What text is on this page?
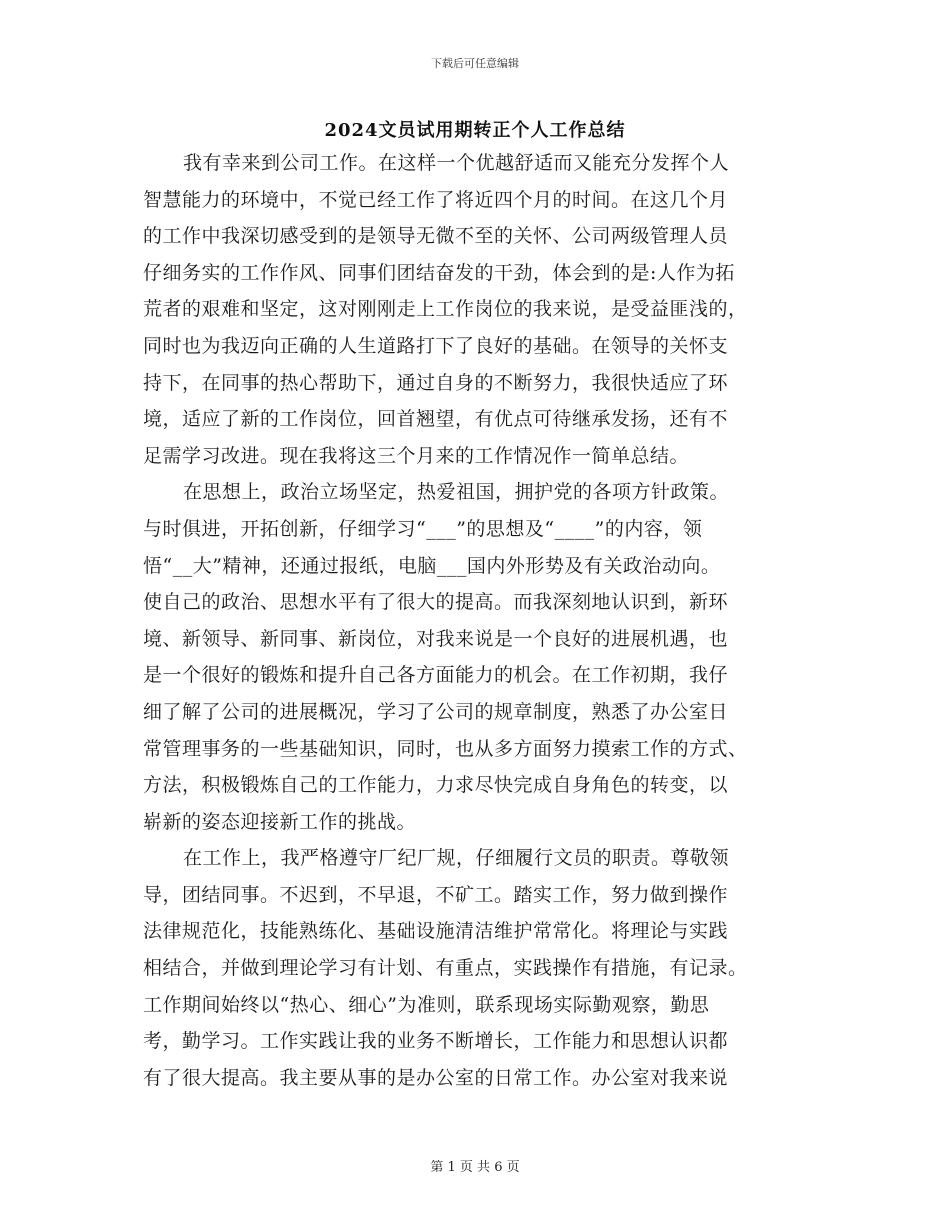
下载后可任意编辑
2024文员试用期转正个人工作总结
我有幸来到公司工作。在这样一个优越舒适而又能充分发挥个人
智慧能力的环境中，不觉已经工作了将近四个月的时间。在这几个月
的工作中我深切感受到的是领导无微不至的关怀、公司两级管理人员
仔细务实的工作作风、同事们团结奋发的干劲，体会到的是:人作为拓
荒者的艰难和坚定，这对刚刚走上工作岗位的我来说，是受益匪浅的，
同时也为我迈向正确的人生道路打下了良好的基础。在领导的关怀支
持下，在同事的热心帮助下，通过自身的不断努力，我很快适应了环
境，适应了新的工作岗位，回首翘望，有优点可待继承发扬，还有不
足需学习改进。现在我将这三个月来的工作情况作一简单总结。
在思想上，政治立场坚定，热爱祖国，拥护党的各项方针政策。
与时俱进，开拓创新，仔细学习“___”的思想及“____”的内容，领
悟“__大”精神，还通过报纸，电脑___国内外形势及有关政治动向。
使自己的政治、思想水平有了很大的提高。而我深刻地认识到，新环
境、新领导、新同事、新岗位，对我来说是一个良好的进展机遇，也
是一个很好的锻炼和提升自己各方面能力的机会。在工作初期，我仔
细了解了公司的进展概况，学习了公司的规章制度，熟悉了办公室日
常管理事务的一些基础知识，同时，也从多方面努力摸索工作的方式、
方法，积极锻炼自己的工作能力，力求尽快完成自身角色的转变，以
崭新的姿态迎接新工作的挑战。
在工作上，我严格遵守厂纪厂规，仔细履行文员的职责。尊敬领
导，团结同事。不迟到，不早退，不矿工。踏实工作，努力做到操作
法律规范化，技能熟练化、基础设施清洁维护常常化。将理论与实践
相结合，并做到理论学习有计划、有重点，实践操作有措施，有记录。
工作期间始终以“热心、细心”为准则，联系现场实际勤观察，勤思
考，勤学习。工作实践让我的业务不断增长，工作能力和思想认识都
有了很大提高。我主要从事的是办公室的日常工作。办公室对我来说
第 1 页 共 6 页
